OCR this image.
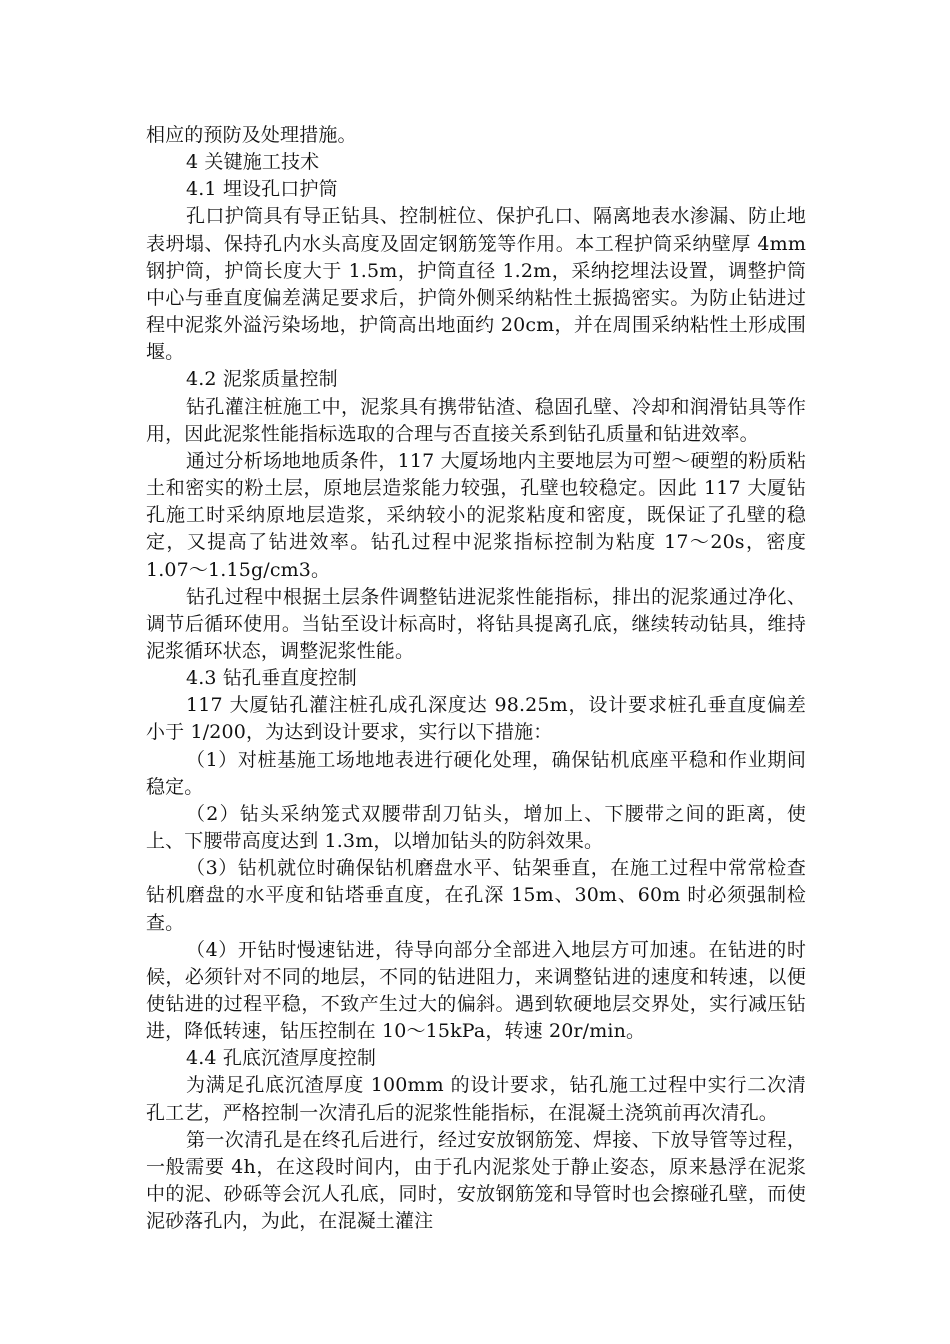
相应的预防及处理措施。

4 关键施工技术

4.1 埋设孔口护筒

孔口护筒具有导正钻具、控制桩位、保护孔口、隔离地表水渗漏、防止地表坍塌、保持孔内水头高度及固定钢筋笼等作用。本工程护筒采纳壁厚 4mm 钢护筒，护筒长度大于 1.5m，护筒直径 1.2m，采纳挖埋法设置，调整护筒中心与垂直度偏差满足要求后，护筒外侧采纳粘性土振捣密实。为防止钻进过程中泥浆外溢污染场地，护筒高出地面约 20cm，并在周围采纳粘性土形成围堰。

4.2 泥浆质量控制

钻孔灌注桩施工中，泥浆具有携带钻渣、稳固孔壁、冷却和润滑钻具等作用，因此泥浆性能指标选取的合理与否直接关系到钻孔质量和钻进效率。

通过分析场地地质条件，117 大厦场地内主要地层为可塑～硬塑的粉质粘土和密实的粉土层，原地层造浆能力较强，孔壁也较稳定。因此 117 大厦钻孔施工时采纳原地层造浆，采纳较小的泥浆粘度和密度，既保证了孔壁的稳定，又提高了钻进效率。钻孔过程中泥浆指标控制为粘度 17～20s，密度 1.07～1.15g/cm3。

钻孔过程中根据土层条件调整钻进泥浆性能指标，排出的泥浆通过净化、调节后循环使用。当钻至设计标高时，将钻具提离孔底，继续转动钻具，维持泥浆循环状态，调整泥浆性能。

4.3 钻孔垂直度控制

117 大厦钻孔灌注桩孔成孔深度达 98.25m，设计要求桩孔垂直度偏差小于 1/200，为达到设计要求，实行以下措施：

（1）对桩基施工场地地表进行硬化处理，确保钻机底座平稳和作业期间稳定。

（2）钻头采纳笼式双腰带刮刀钻头，增加上、下腰带之间的距离，使上、下腰带高度达到 1.3m，以增加钻头的防斜效果。

（3）钻机就位时确保钻机磨盘水平、钻架垂直，在施工过程中常常检查钻机磨盘的水平度和钻塔垂直度，在孔深 15m、30m、60m 时必须强制检查。

（4）开钻时慢速钻进，待导向部分全部进入地层方可加速。在钻进的时候，必须针对不同的地层，不同的钻进阻力，来调整钻进的速度和转速，以便使钻进的过程平稳，不致产生过大的偏斜。遇到软硬地层交界处，实行减压钻进，降低转速，钻压控制在 10～15kPa，转速 20r/min。

4.4 孔底沉渣厚度控制

为满足孔底沉渣厚度 100mm 的设计要求，钻孔施工过程中实行二次清孔工艺，严格控制一次清孔后的泥浆性能指标，在混凝土浇筑前再次清孔。

第一次清孔是在终孔后进行，经过安放钢筋笼、焊接、下放导管等过程，一般需要 4h，在这段时间内，由于孔内泥浆处于静止姿态，原来悬浮在泥浆中的泥、砂砾等会沉人孔底，同时，安放钢筋笼和导管时也会擦碰孔壁，而使泥砂落孔内，为此，在混凝土灌注
